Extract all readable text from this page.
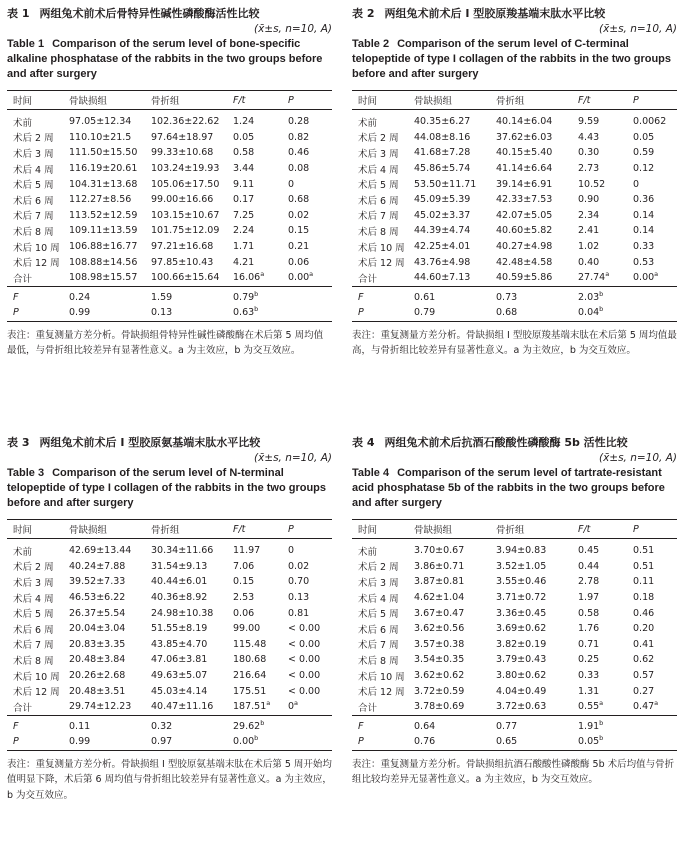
表 1 两组兔术前术后骨特异性碱性磷酸酶活性比较
(x̄±s, n=10, A)
Table 1 Comparison of the serum level of bone-specific alkaline phosphatase of the rabbits in the two groups before and after surgery
时间	骨缺损组	骨折组	F/t	P
术前	97.05±12.34	102.36±22.62	1.24	0.28
术后 2 周	110.10±21.5	97.64±18.97	0.05	0.82
术后 3 周	111.50±15.50	99.33±10.68	0.58	0.46
术后 4 周	116.19±20.61	103.24±19.93	3.44	0.08
术后 5 周	104.31±13.68	105.06±17.50	9.11	0
术后 6 周	112.27±8.56	99.00±16.66	0.17	0.68
术后 7 周	113.52±12.59	103.15±10.67	7.25	0.02
术后 8 周	109.11±13.59	101.75±12.09	2.24	0.15
术后 10 周	106.88±16.77	97.21±16.68	1.71	0.21
术后 12 周	108.88±14.56	97.85±10.43	4.21	0.06
合计	108.98±15.57	100.66±15.64	16.06$^a$	0.00$^a$
F	0.24	1.59	0.79$^b$	
P	0.99	0.13	0.63$^b$	
表注：重复测量方差分析。骨缺损组骨特异性碱性磷酸酶在术后第 5 周均值最低，与骨折组比较差异有显著性意义。a 为主效应，b 为交互效应。
表 2 两组兔术前术后 I 型胶原羧基端末肽水平比较
(x̄±s, n=10, A)
Table 2 Comparison of the serum level of C-terminal telopeptide of type I collagen of the rabbits in the two groups before and after surgery
时间	骨缺损组	骨折组	F/t	P
术前	40.35±6.27	40.14±6.04	9.59	0.0062
术后 2 周	44.08±8.16	37.62±6.03	4.43	0.05
术后 3 周	41.68±7.28	40.15±5.40	0.30	0.59
术后 4 周	45.86±5.74	41.14±6.64	2.73	0.12
术后 5 周	53.50±11.71	39.14±6.91	10.52	0
术后 6 周	45.09±5.39	42.33±7.53	0.90	0.36
术后 7 周	45.02±3.37	42.07±5.05	2.34	0.14
术后 8 周	44.39±4.74	40.60±5.82	2.41	0.14
术后 10 周	42.25±4.01	40.27±4.98	1.02	0.33
术后 12 周	43.76±4.98	42.48±4.58	0.40	0.53
合计	44.60±7.13	40.59±5.86	27.74$^a$	0.00$^a$
F	0.61	0.73	2.03$^b$	
P	0.79	0.68	0.04$^b$	
表注：重复测量方差分析。骨缺损组 I 型胶原羧基端末肽在术后第 5 周均值最高，与骨折组比较差异有显著性意义。a 为主效应，b 为交互效应。
表 3 两组兔术前术后 I 型胶原氨基端末肽水平比较
(x̄±s, n=10, A)
Table 3 Comparison of the serum level of N-terminal telopeptide of type I collagen of the rabbits in the two groups before and after surgery
时间	骨缺损组	骨折组	F/t	P
术前	42.69±13.44	30.34±11.66	11.97	0
术后 2 周	40.24±7.88	31.54±9.13	7.06	0.02
术后 3 周	39.52±7.33	40.44±6.01	0.15	0.70
术后 4 周	46.53±6.22	40.36±8.92	2.53	0.13
术后 5 周	26.37±5.54	24.98±10.38	0.06	0.81
术后 6 周	20.04±3.04	51.55±8.19	99.00	< 0.00
术后 7 周	20.83±3.35	43.85±4.70	115.48	< 0.00
术后 8 周	20.48±3.84	47.06±3.81	180.68	< 0.00
术后 10 周	20.26±2.68	49.63±5.07	216.64	< 0.00
术后 12 周	20.48±3.51	45.03±4.14	175.51	< 0.00
合计	29.74±12.23	40.47±11.16	187.51$^a$	0$^a$
F	0.11	0.32	29.62$^b$	
P	0.99	0.97	0.00$^b$	
表注：重复测量方差分析。骨缺损组 I 型胶原氨基端末肽在术后第 5 周开始均值明显下降，术后第 6 周均值与骨折组比较差异有显著性意义。a 为主效应，b 为交互效应。
表 4 两组兔术前术后抗酒石酸酸性磷酸酶 5b 活性比较
(x̄±s, n=10, A)
Table 4 Comparison of the serum level of tartrate-resistant acid phosphatase 5b of the rabbits in the two groups before and after surgery
时间	骨缺损组	骨折组	F/t	P
术前	3.70±0.67	3.94±0.83	0.45	0.51
术后 2 周	3.86±0.71	3.52±1.05	0.44	0.51
术后 3 周	3.87±0.81	3.55±0.46	2.78	0.11
术后 4 周	4.62±1.04	3.71±0.72	1.97	0.18
术后 5 周	3.67±0.47	3.36±0.45	0.58	0.46
术后 6 周	3.62±0.56	3.69±0.62	1.76	0.20
术后 7 周	3.57±0.38	3.82±0.19	0.71	0.41
术后 8 周	3.54±0.35	3.79±0.43	0.25	0.62
术后 10 周	3.62±0.62	3.80±0.62	0.33	0.57
术后 12 周	3.72±0.59	4.04±0.49	1.31	0.27
合计	3.78±0.69	3.72±0.63	0.55$^a$	0.47$^a$
F	0.64	0.77	1.91$^b$	
P	0.76	0.65	0.05$^b$	
表注：重复测量方差分析。骨缺损组抗酒石酸酸性磷酸酶 5b 术后均值与骨折组比较均差异无显著性意义。a 为主效应，b 为交互效应。
